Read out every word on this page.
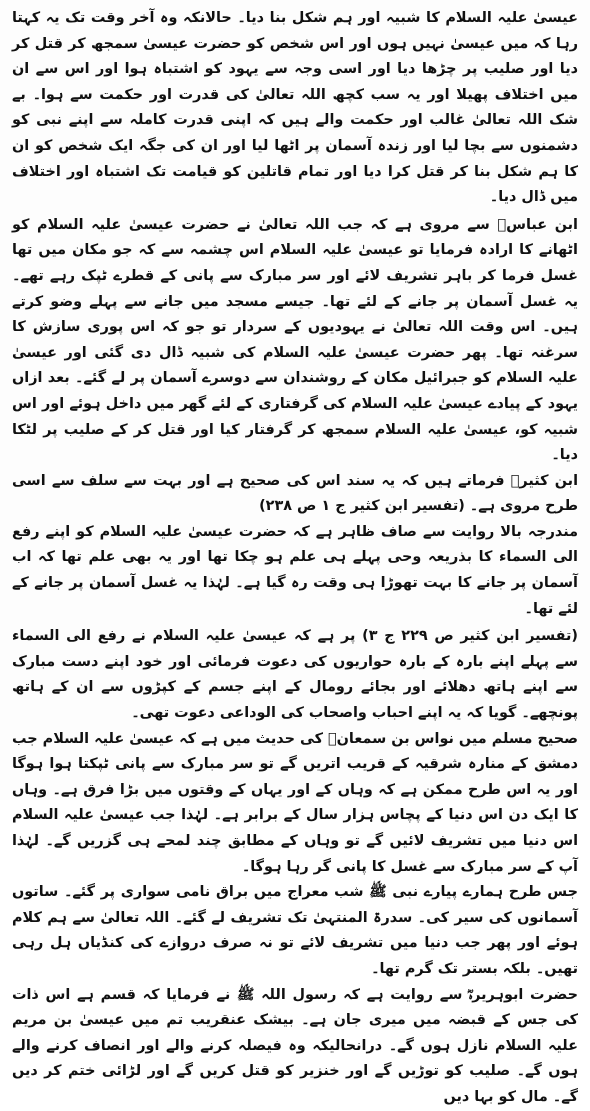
عیسیٰ علیہ السلام کا شبیہ اور ہم شکل بنا دیا۔ حالانکہ وہ آخر وقت تک یہ کہتا رہا کہ میں عیسیٰ نہیں ہوں اور اس شخص کو حضرت عیسیٰ سمجھ کر قتل کر دیا اور صلیب پر چڑھا دیا اور اسی وجہ سے یہود کو اشتباہ ہوا اور اس سے ان میں اختلاف پھیلا اور یہ سب کچھ اللہ تعالیٰ کی قدرت اور حکمت سے ہوا۔ بے شک اللہ تعالیٰ غالب اور حکمت والے ہیں کہ اپنی قدرت کاملہ سے اپنے نبی کو دشمنوں سے بچا لیا اور زندہ آسمان پر اٹھا لیا اور ان کی جگہ ایک شخص کو ان کا ہم شکل بنا کر قتل کرا دیا اور تمام قاتلین کو قیامت تک اشتباہ اور اختلاف میں ڈال دیا۔

ابن عباسؓ سے مروی ہے کہ جب اللہ تعالیٰ نے حضرت عیسیٰ علیہ السلام کو اٹھانے کا ارادہ فرمایا تو عیسیٰ علیہ السلام اس چشمہ سے کہ جو مکان میں تھا غسل فرما کر باہر تشریف لائے اور سر مبارک سے پانی کے قطرے ٹپک رہے تھے۔ یہ غسل آسمان پر جانے کے لئے تھا۔ جیسے مسجد میں جانے سے پہلے وضو کرتے ہیں۔ اس وقت اللہ تعالیٰ نے یہودیوں کے سردار تو جو کہ اس پوری سازش کا سرغنہ تھا۔ پھر حضرت عیسیٰ علیہ السلام کی شبیہ ڈال دی گئی اور عیسیٰ علیہ السلام کو جبرائیل مکان کے روشندان سے دوسرے آسمان پر لے گئے۔ بعد ازاں یہود کے پیادے عیسیٰ علیہ السلام کی گرفتاری کے لئے گھر میں داخل ہوئے اور اس شبیہ کو، عیسیٰ علیہ السلام سمجھ کر گرفتار کیا اور قتل کر کے صلیب پر لٹکا دیا۔

ابن کثیرؒ فرماتے ہیں کہ یہ سند اس کی صحیح ہے اور بہت سے سلف سے اسی طرح مروی ہے۔ (تفسیر ابن کثیر ج ۱ ص ۲۳۸)

مندرجہ بالا روایت سے صاف ظاہر ہے کہ حضرت عیسیٰ علیہ السلام کو اپنے رفع الی السماء کا بذریعہ وحی پہلے ہی علم ہو چکا تھا اور یہ بھی علم تھا کہ اب آسمان پر جانے کا بہت تھوڑا ہی وقت رہ گیا ہے۔ لہٰذا یہ غسل آسمان پر جانے کے لئے تھا۔

(تفسیر ابن کثیر ص ۲۲۹ ج ۳) پر ہے کہ عیسیٰ علیہ السلام نے رفع الی السماء سے پہلے اپنے بارہ کے بارہ حواریوں کی دعوت فرمائی اور خود اپنے دست مبارک سے اپنے ہاتھ دھلائے اور بجائے رومال کے اپنے جسم کے کپڑوں سے ان کے ہاتھ پونچھے۔ گویا کہ یہ اپنے احباب واصحاب کی الوداعی دعوت تھی۔

صحیح مسلم میں نواس بن سمعانؓ کی حدیث میں ہے کہ عیسیٰ علیہ السلام جب دمشق کے منارہ شرقیہ کے قریب اتریں گے تو سر مبارک سے پانی ٹپکتا ہوا ہوگا اور یہ اس طرح ممکن ہے کہ وہاں کے اور یہاں کے وقتوں میں بڑا فرق ہے۔ وہاں کا ایک دن اس دنیا کے پچاس ہزار سال کے برابر ہے۔ لہٰذا جب عیسیٰ علیہ السلام اس دنیا میں تشریف لائیں گے تو وہاں کے مطابق چند لمحے ہی گزریں گے۔ لہٰذا آپ کے سر مبارک سے غسل کا پانی گر رہا ہوگا۔

جس طرح ہمارے پیارے نبی ﷺ شب معراج میں براق نامی سواری پر گئے۔ ساتوں آسمانوں کی سیر کی۔ سدرۃ المنتہیٰ تک تشریف لے گئے۔ اللہ تعالیٰ سے ہم کلام ہوئے اور پھر جب دنیا میں تشریف لائے تو نہ صرف دروازے کی کنڈیاں ہل رہی تھیں۔ بلکہ بستر تک گرم تھا۔

حضرت ابوہریرہؓ سے روایت ہے کہ رسول اللہ ﷺ نے فرمایا کہ قسم ہے اس ذات کی جس کے قبضہ میں میری جان ہے۔ بیشک عنقریب تم میں عیسیٰ بن مریم علیہ السلام نازل ہوں گے۔ درانحالیکہ وہ فیصلہ کرنے والے اور انصاف کرنے والے ہوں گے۔ صلیب کو توڑیں گے اور خنزیر کو قتل کریں گے اور لڑائی ختم کر دیں گے۔ مال کو بہا دیں
